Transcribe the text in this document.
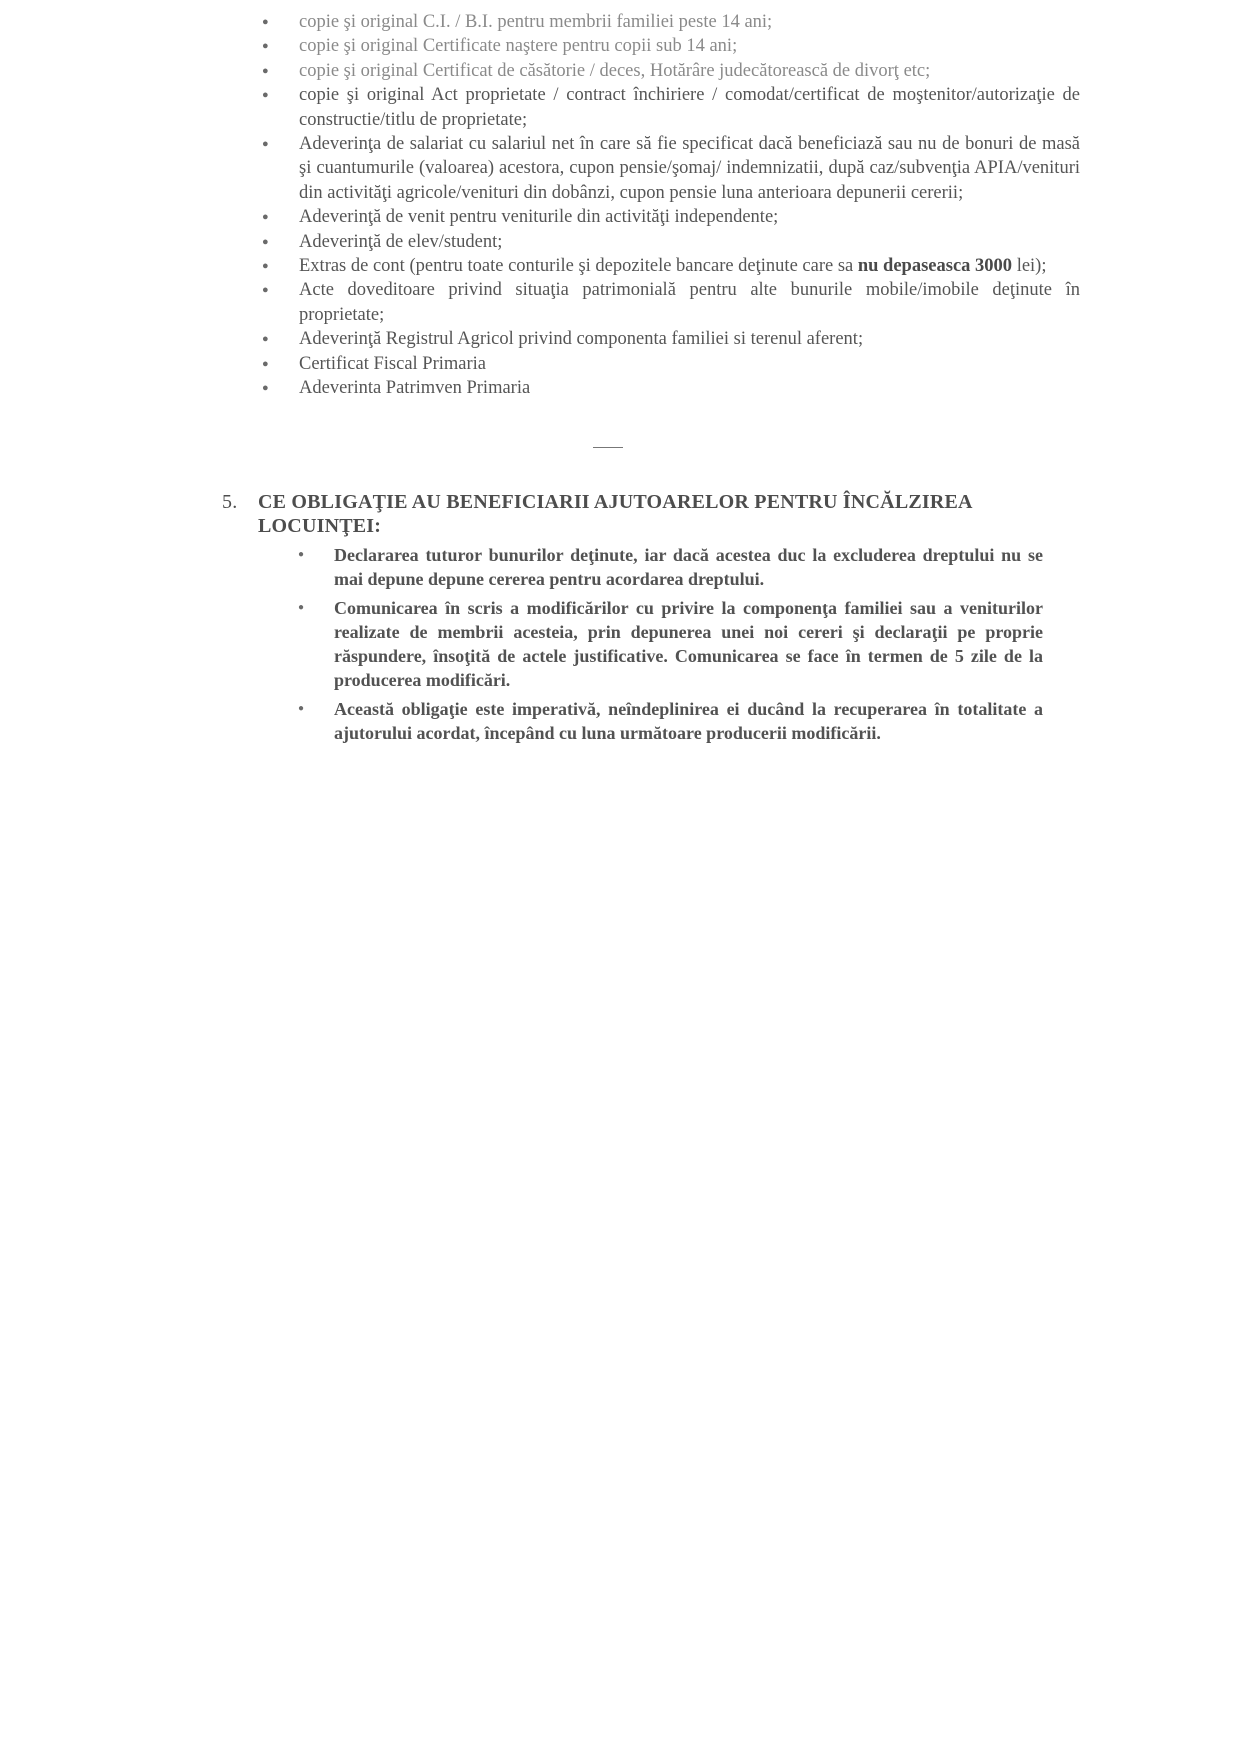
●	copie şi original C.I. / B.I. pentru membrii familiei peste 14 ani;
●	copie şi original Certificate naştere pentru copii sub 14 ani;
●	copie şi original Certificat de căsătorie / deces, Hotărâre judecătorească de divorţ etc;
●	copie şi original Act proprietate / contract închiriere / comodat/certificat de moştenitor/autorizaţie de constructie/titlu de proprietate;
●	Adeverinţa de salariat cu salariul net în care să fie specificat dacă beneficiază sau nu de bonuri de masă şi cuantumurile (valoarea) acestora, cupon pensie/şomaj/ indemnizatii, după caz/subvenţia APIA/venituri din activităţi agricole/venituri din dobânzi, cupon pensie luna anterioara depunerii cererii;
●	Adeverinţă de venit pentru veniturile din activităţi independente;
●	Adeverinţă de elev/student;
●	Extras de cont (pentru toate conturile şi depozitele bancare deţinute care sa nu depaseasca 3000 lei);
●	Acte doveditoare privind situaţia patrimonială pentru alte bunurile mobile/imobile deţinute în proprietate;
●	Adeverinţă Registrul Agricol privind componenta familiei si terenul aferent;
●	Certificat Fiscal Primaria
●	Adeverinta Patrimven Primaria
5.	CE OBLIGAŢIE AU BENEFICIARII AJUTOARELOR PENTRU ÎNCĂLZIREA LOCUINŢEI:
●	Declararea tuturor bunurilor deţinute, iar dacă acestea duc la excluderea dreptului nu se mai depune depune cererea pentru acordarea dreptului.
●	Comunicarea în scris a modificărilor cu privire la componenţa familiei sau a veniturilor realizate de membrii acesteia, prin depunerea unei noi cereri şi declaraţii pe proprie răspundere, însoţită de actele justificative. Comunicarea se face în termen de 5 zile de la producerea modificări.
●	Această obligaţie este imperativă, neîndeplinirea ei ducând la recuperarea în totalitate a ajutorului acordat, începând cu luna următoare producerii modificării.
